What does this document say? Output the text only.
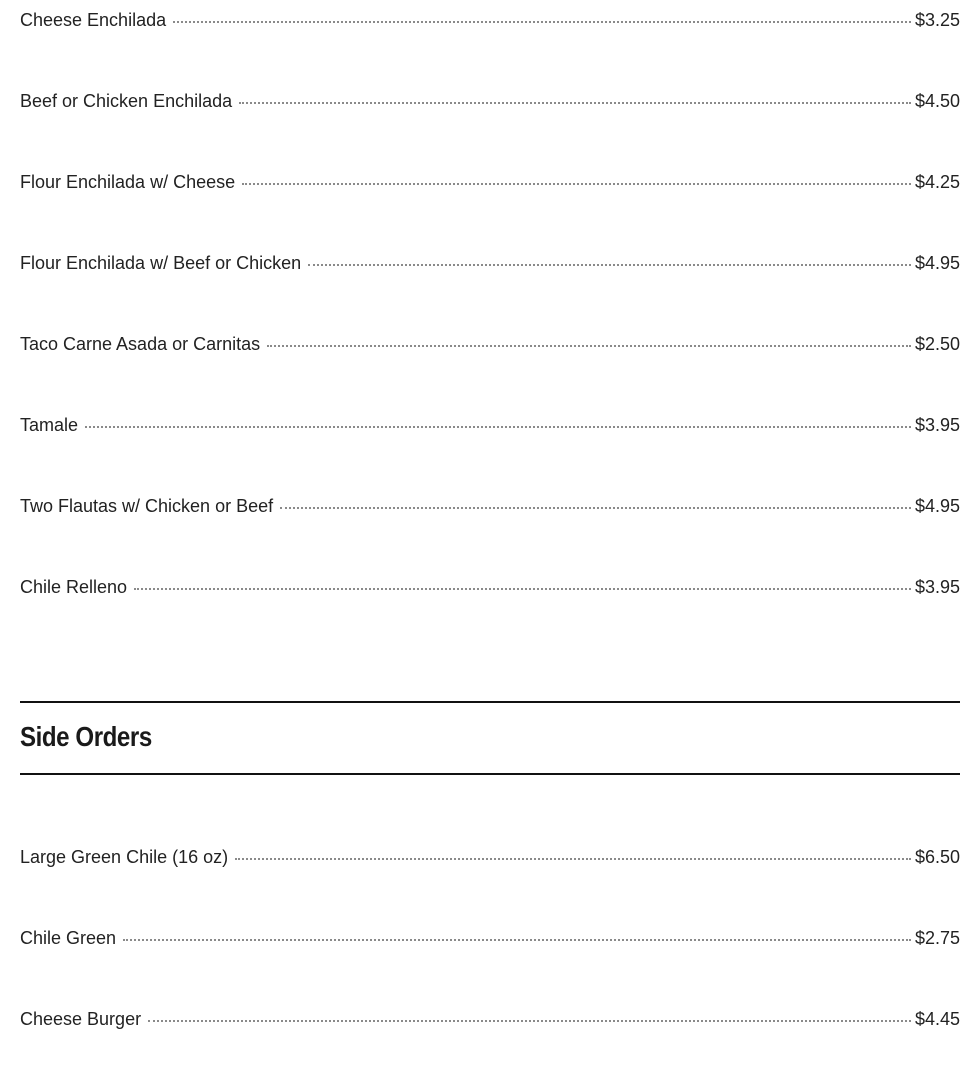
Cheese Enchilada	$3.25
Beef or Chicken Enchilada	$4.50
Flour Enchilada w/ Cheese	$4.25
Flour Enchilada w/ Beef or Chicken	$4.95
Taco Carne Asada or Carnitas	$2.50
Tamale	$3.95
Two Flautas w/ Chicken or Beef	$4.95
Chile Relleno	$3.95
Side Orders
Large Green Chile (16 oz)	$6.50
Chile Green	$2.75
Cheese Burger	$4.45
